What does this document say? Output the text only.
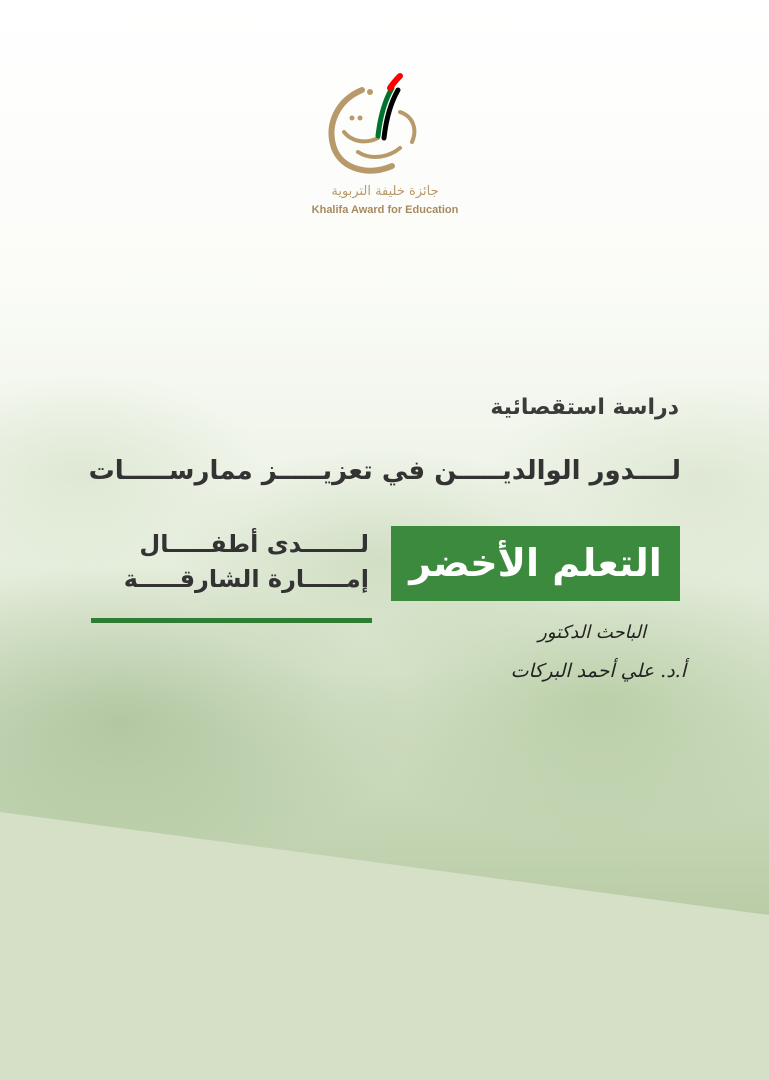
جائزة خليفة التربوية
Khalifa Award for Education
دراسة استقصائية
لــــدور الوالديـــــن في تعزيـــــز ممارســـــات
التعلم الأخضر
لـــــــدى أطفـــــال
إمـــــارة الشارقـــــة
الباحث الدكتور
أ.د. علي أحمد البركات
